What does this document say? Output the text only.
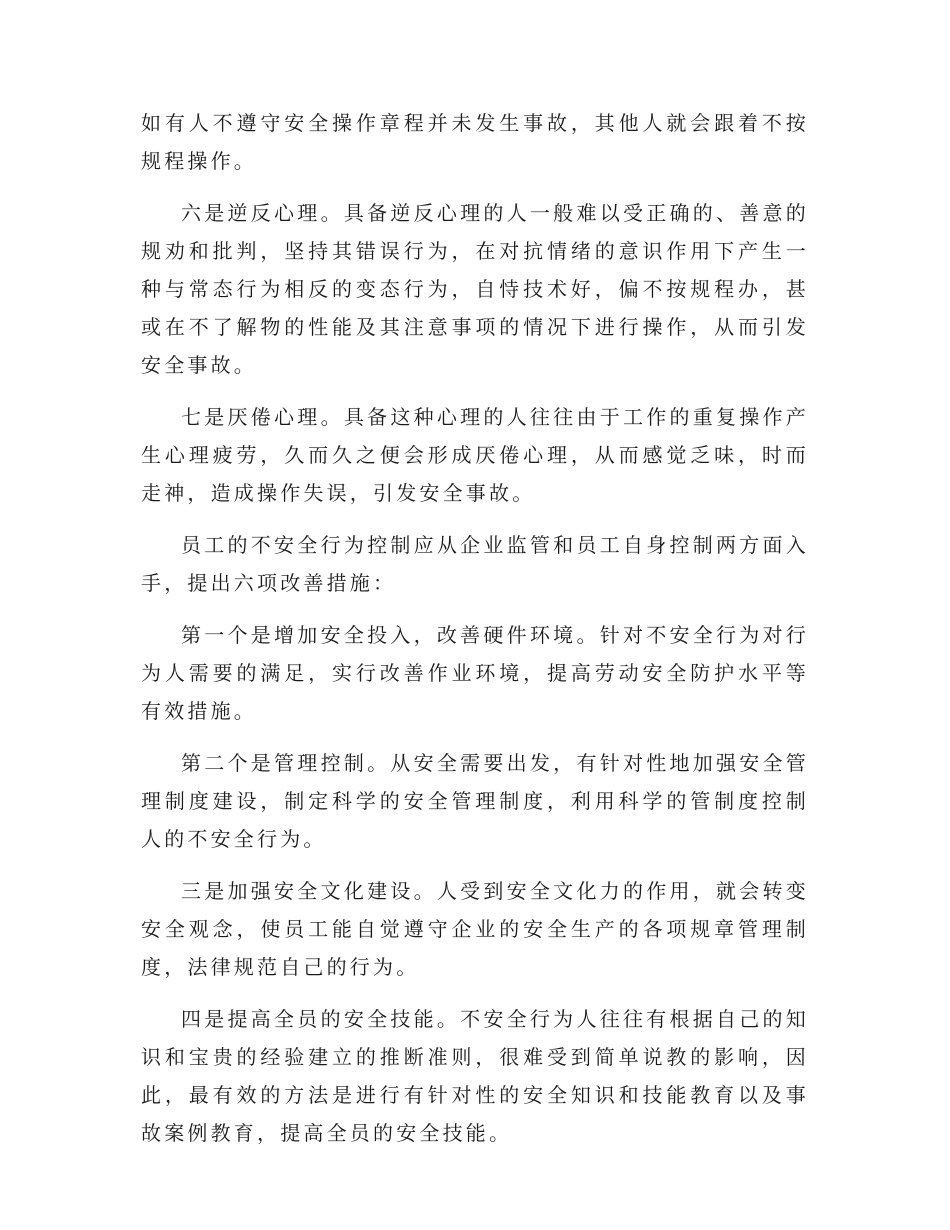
如有人不遵守安全操作章程并未发生事故，其他人就会跟着不按规程操作。

六是逆反心理。具备逆反心理的人一般难以受正确的、善意的规劝和批判，坚持其错误行为，在对抗情绪的意识作用下产生一种与常态行为相反的变态行为，自恃技术好，偏不按规程办，甚或在不了解物的性能及其注意事项的情况下进行操作，从而引发安全事故。

七是厌倦心理。具备这种心理的人往往由于工作的重复操作产生心理疲劳，久而久之便会形成厌倦心理，从而感觉乏味，时而走神，造成操作失误，引发安全事故。

员工的不安全行为控制应从企业监管和员工自身控制两方面入手，提出六项改善措施：

第一个是增加安全投入，改善硬件环境。针对不安全行为对行为人需要的满足，实行改善作业环境，提高劳动安全防护水平等有效措施。

第二个是管理控制。从安全需要出发，有针对性地加强安全管理制度建设，制定科学的安全管理制度，利用科学的管制度控制人的不安全行为。

三是加强安全文化建设。人受到安全文化力的作用，就会转变安全观念，使员工能自觉遵守企业的安全生产的各项规章管理制度，法律规范自己的行为。

四是提高全员的安全技能。不安全行为人往往有根据自己的知识和宝贵的经验建立的推断准则，很难受到简单说教的影响，因此，最有效的方法是进行有针对性的安全知识和技能教育以及事故案例教育，提高全员的安全技能。
